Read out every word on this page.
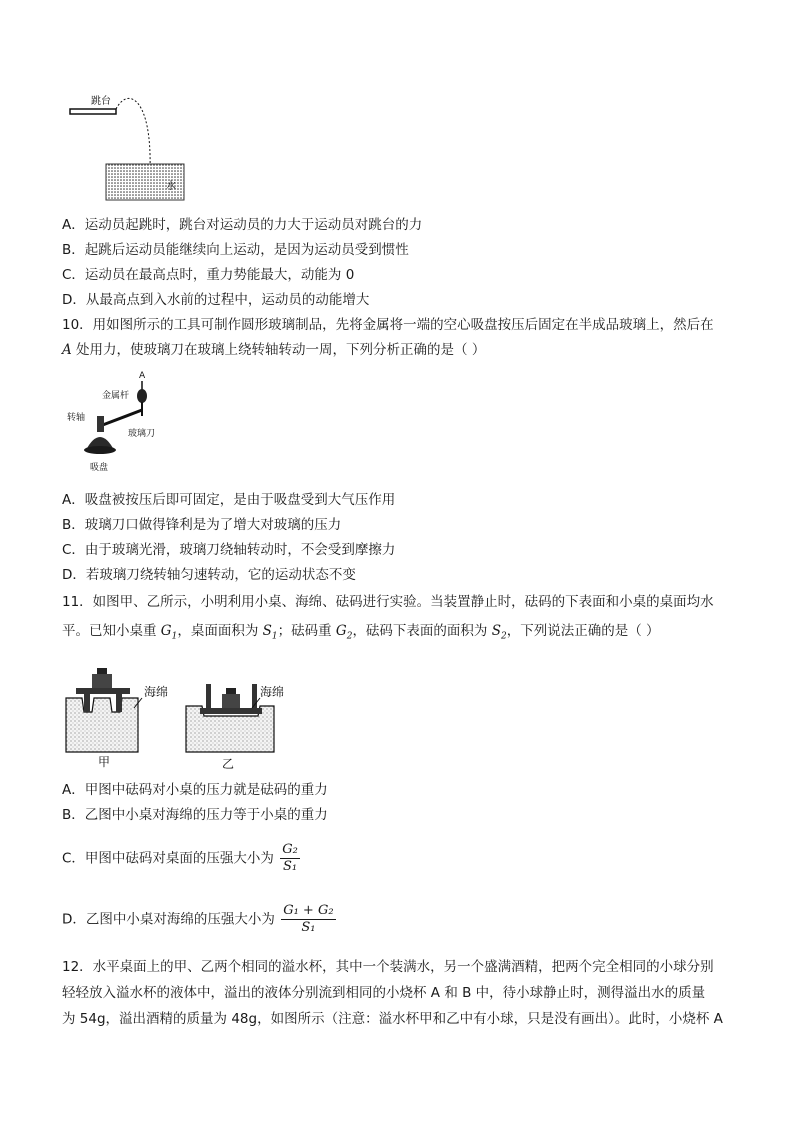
跳台
水
A．运动员起跳时，跳台对运动员的力大于运动员对跳台的力
B．起跳后运动员能继续向上运动，是因为运动员受到惯性
C．运动员在最高点时，重力势能最大，动能为 0
D．从最高点到入水前的过程中，运动员的动能增大
10．用如图所示的工具可制作圆形玻璃制品，先将金属将一端的空心吸盘按压后固定在半成品玻璃上，然后在
A 处用力，使玻璃刀在玻璃上绕转轴转动一周，下列分析正确的是（ ）
A
转轴
金属杆
玻璃刀
吸盘
A．吸盘被按压后即可固定，是由于吸盘受到大气压作用
B．玻璃刀口做得锋利是为了增大对玻璃的压力
C．由于玻璃光滑，玻璃刀绕轴转动时，不会受到摩擦力
D．若玻璃刀绕转轴匀速转动，它的运动状态不变
11．如图甲、乙所示，小明利用小桌、海绵、砝码进行实验。当装置静止时，砝码的下表面和小桌的桌面均水
平。已知小桌重 $G_1$，桌面面积为 $S_1$；砝码重 $G_2$，砝码下表面的面积为 $S_2$，下列说法正确的是（ ）
海绵
甲
海绵
乙
A．甲图中砝码对小桌的压力就是砝码的重力
B．乙图中小桌对海绵的压力等于小桌的重力
C．甲图中砝码对桌面的压强大小为 $\frac{\text{G₂}}{\text{S₁}}$
D．乙图中小桌对海绵的压强大小为 $\frac{\text{G₁ + G₂}}{\text{S₁}}$
12．水平桌面上的甲、乙两个相同的溢水杯，其中一个装满水，另一个盛满酒精，把两个完全相同的小球分别
轻轻放入溢水杯的液体中，溢出的液体分别流到相同的小烧杯 A 和 B 中，待小球静止时，测得溢出水的质量
为 54g，溢出酒精的质量为 48g，如图所示（注意：溢水杯甲和乙中有小球，只是没有画出）。此时，小烧杯 A
